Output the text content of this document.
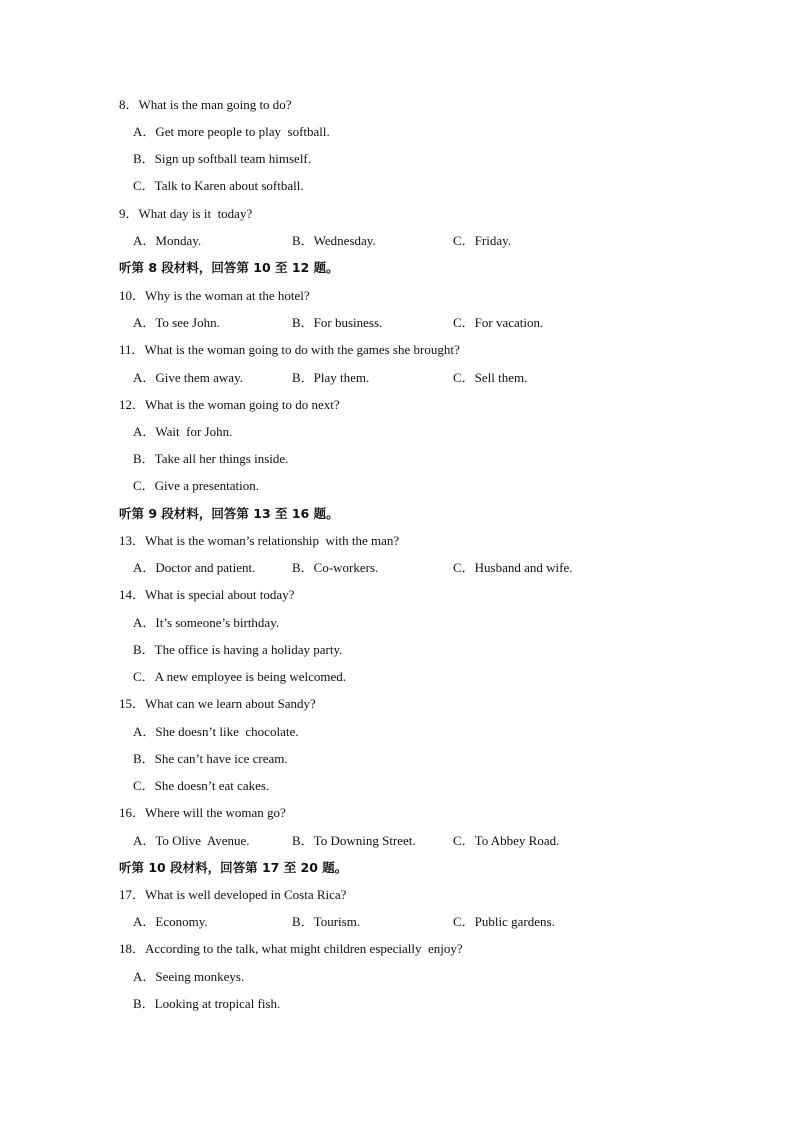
8．What is the man going to do?
A．Get more people to play  softball.
B．Sign up softball team himself.
C．Talk to Karen about softball.
9．What day is it  today?
A．Monday.	B．Wednesday.	C．Friday.
听第 8 段材料，回答第 10 至 12 题。
10．Why is the woman at the hotel?
A．To see John.	B．For business.	C．For vacation.
11．What is the woman going to do with the games she brought?
A．Give them away.	B．Play them.	C．Sell them.
12．What is the woman going to do next?
A．Wait  for John.
B．Take all her things inside.
C．Give a presentation.
听第 9 段材料，回答第 13 至 16 题。
13．What is the woman’s relationship  with the man?
A．Doctor and patient.	B．Co-workers.	C．Husband and wife.
14．What is special about today?
A．It’s someone’s birthday.
B．The office is having a holiday party.
C．A new employee is being welcomed.
15．What can we learn about Sandy?
A．She doesn’t like  chocolate.
B．She can’t have ice cream.
C．She doesn’t eat cakes.
16．Where will the woman go?
A．To Olive  Avenue.	B．To Downing Street.	C．To Abbey Road.
听第 10 段材料，回答第 17 至 20 题。
17．What is well developed in Costa Rica?
A．Economy.	B．Tourism.	C．Public gardens.
18．According to the talk, what might children especially  enjoy?
A．Seeing monkeys.
B．Looking at tropical fish.
